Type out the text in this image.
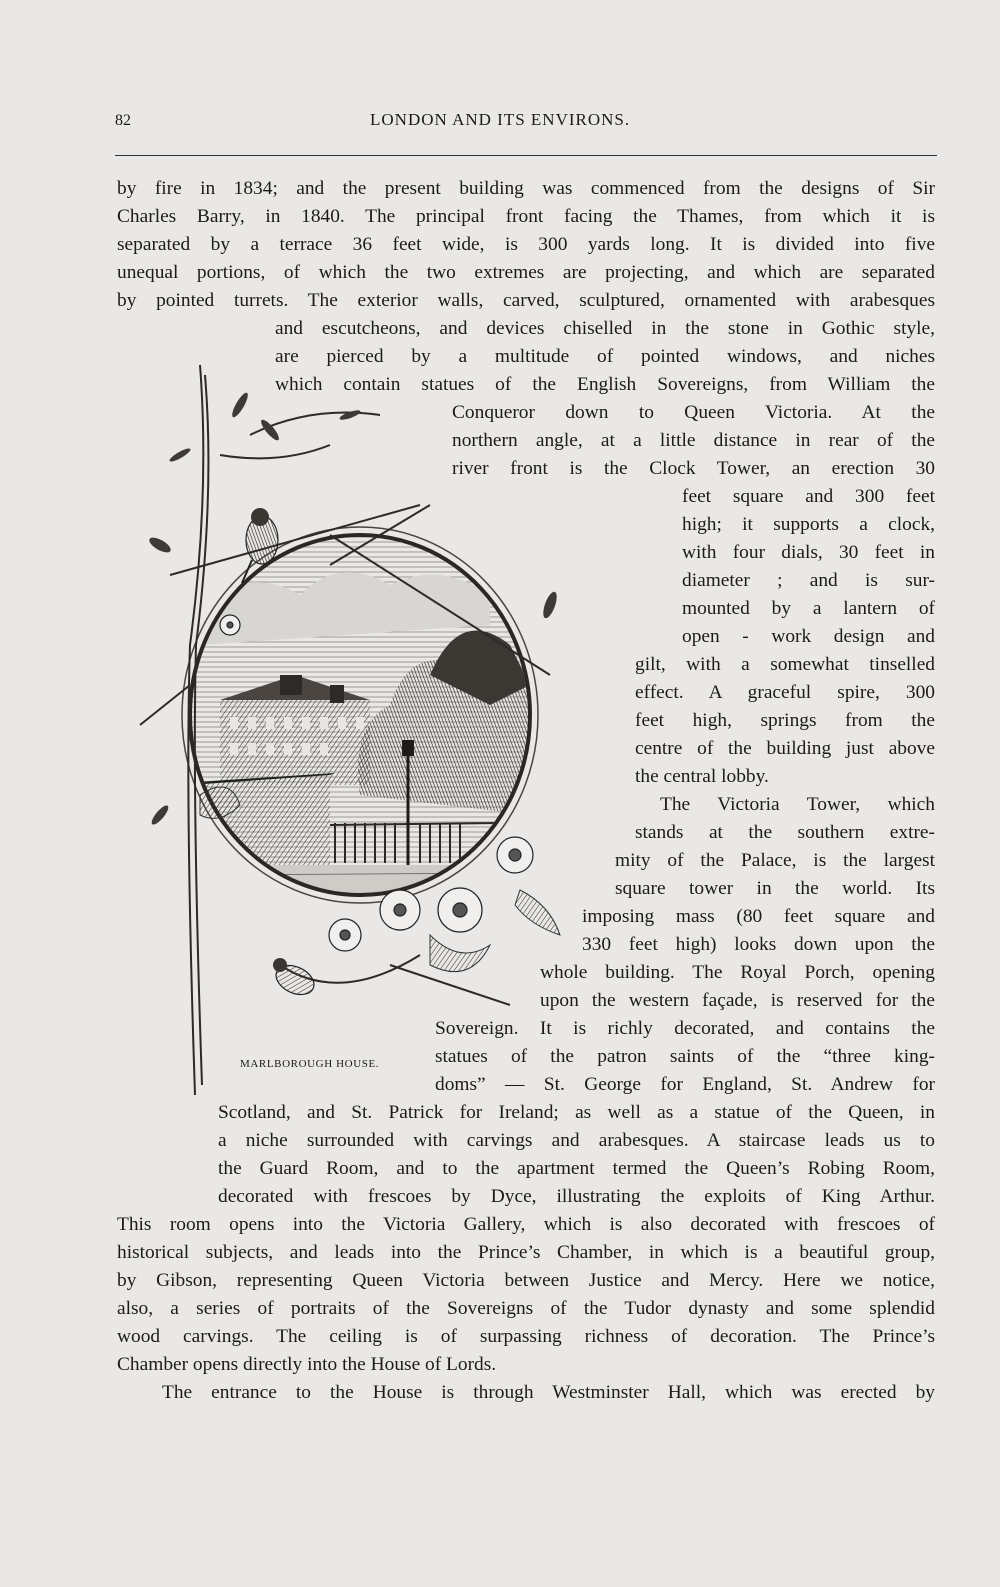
82	LONDON AND ITS ENVIRONS.
MARLBOROUGH HOUSE.
by fire in 1834; and the present building was commenced from the designs of Sir
Charles Barry, in 1840. The principal front facing the Thames, from which it is
separated by a terrace 36 feet wide, is 300 yards long. It is divided into five
unequal portions, of which the two extremes are projecting, and which are separated
by pointed turrets. The exterior walls, carved, sculptured, ornamented with arabesques
and escutcheons, and devices chiselled in the stone in Gothic style,
are pierced by a multitude of pointed windows, and niches
which contain statues of the English Sovereigns, from William the
Conqueror down to Queen Victoria. At the
northern angle, at a little distance in rear of the
river front is the Clock Tower, an erection 30
feet square and 300 feet
high; it supports a clock,
with four dials, 30 feet in
diameter ; and is sur-
mounted by a lantern of
open - work design and
gilt, with a somewhat tinselled
effect. A graceful spire, 300
feet high, springs from the
centre of the building just above
the central lobby.
The Victoria Tower, which
stands at the southern extre-
mity of the Palace, is the largest
square tower in the world. Its
imposing mass (80 feet square and
330 feet high) looks down upon the
whole building. The Royal Porch, opening
upon the western façade, is reserved for the
Sovereign. It is richly decorated, and contains the
statues of the patron saints of the “three king-
doms” — St. George for England, St. Andrew for
Scotland, and St. Patrick for Ireland; as well as a statue of the Queen, in
a niche surrounded with carvings and arabesques. A staircase leads us to
the Guard Room, and to the apartment termed the Queen’s Robing Room,
decorated with frescoes by Dyce, illustrating the exploits of King Arthur.
This room opens into the Victoria Gallery, which is also decorated with frescoes of
historical subjects, and leads into the Prince’s Chamber, in which is a beautiful group,
by Gibson, representing Queen Victoria between Justice and Mercy. Here we notice,
also, a series of portraits of the Sovereigns of the Tudor dynasty and some splendid
wood carvings. The ceiling is of surpassing richness of decoration. The Prince’s
Chamber opens directly into the House of Lords.
The entrance to the House is through Westminster Hall, which was erected by
